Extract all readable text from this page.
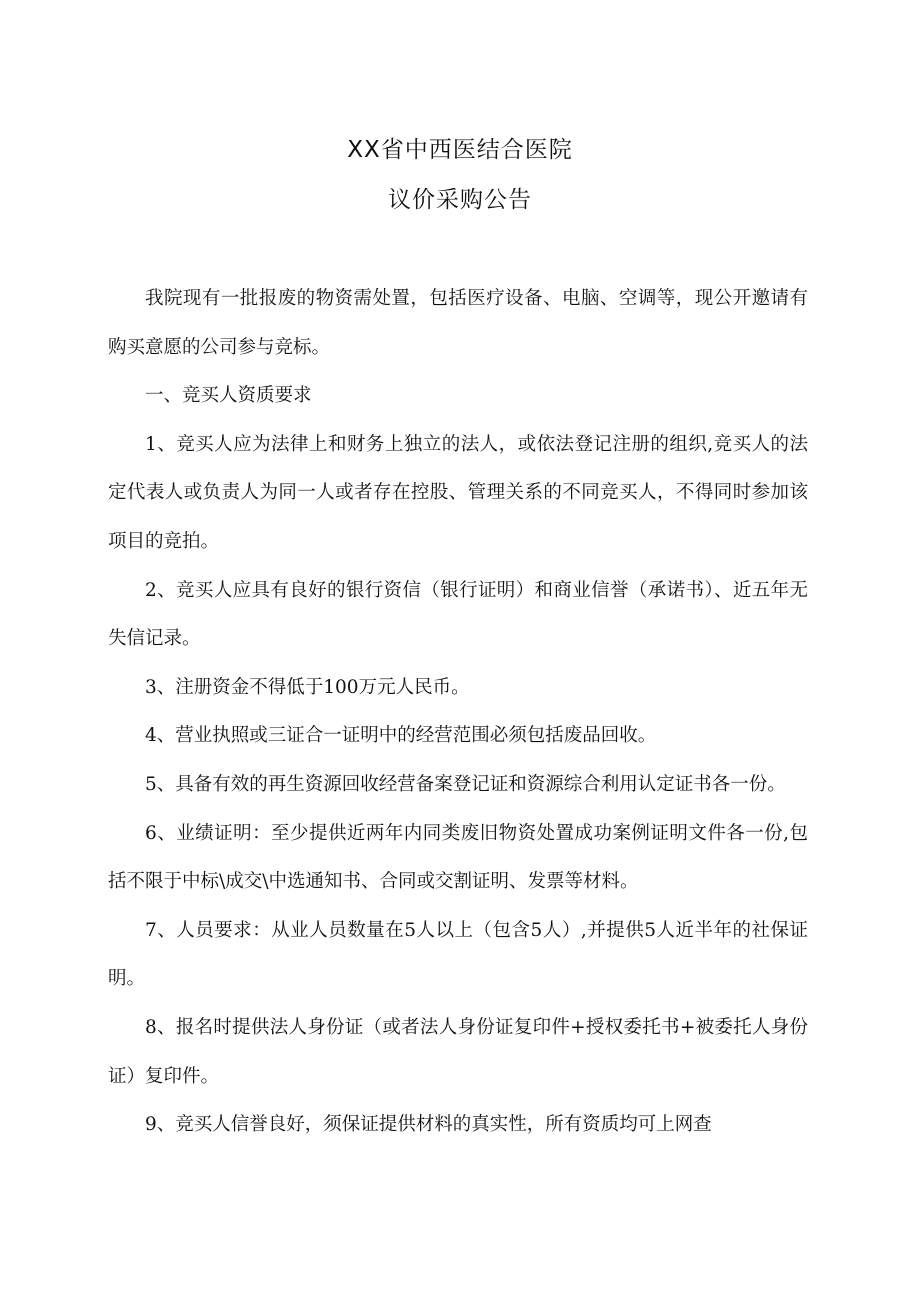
XX省中西医结合医院
议价采购公告

我院现有一批报废的物资需处置，包括医疗设备、电脑、空调等，现公开邀请有购买意愿的公司参与竞标。

一、竞买人资质要求

1、竞买人应为法律上和财务上独立的法人，或依法登记注册的组织,竞买人的法定代表人或负责人为同一人或者存在控股、管理关系的不同竞买人，不得同时参加该项目的竞拍。

2、竞买人应具有良好的银行资信（银行证明）和商业信誉（承诺书）、近五年无失信记录。

3、注册资金不得低于100万元人民币。

4、营业执照或三证合一证明中的经营范围必须包括废品回收。

5、具备有效的再生资源回收经营备案登记证和资源综合利用认定证书各一份。

6、业绩证明：至少提供近两年内同类废旧物资处置成功案例证明文件各一份,包括不限于中标\成交\中选通知书、合同或交割证明、发票等材料。

7、人员要求：从业人员数量在5人以上（包含5人）,并提供5人近半年的社保证明。

8、报名时提供法人身份证（或者法人身份证复印件+授权委托书+被委托人身份证）复印件。

9、竞买人信誉良好，须保证提供材料的真实性，所有资质均可上网查
